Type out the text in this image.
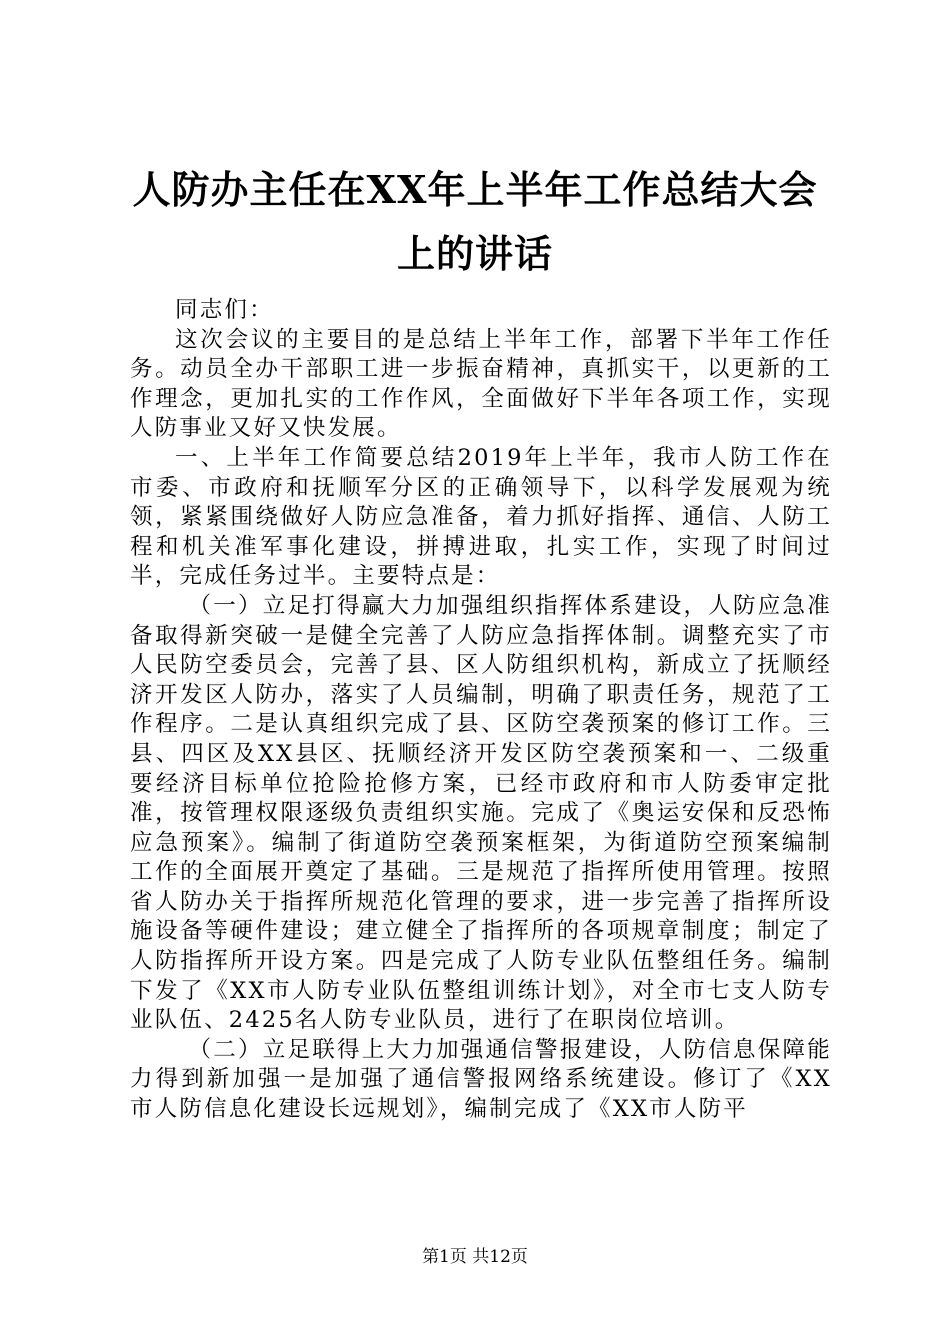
人防办主任在XX年上半年工作总结大会上的讲话

同志们：

这次会议的主要目的是总结上半年工作，部署下半年工作任务。动员全办干部职工进一步振奋精神，真抓实干，以更新的工作理念，更加扎实的工作作风，全面做好下半年各项工作，实现人防事业又好又快发展。

一、上半年工作简要总结2019年上半年，我市人防工作在市委、市政府和抚顺军分区的正确领导下，以科学发展观为统领，紧紧围绕做好人防应急准备，着力抓好指挥、通信、人防工程和机关准军事化建设，拼搏进取，扎实工作，实现了时间过半，完成任务过半。主要特点是：

（一）立足打得赢大力加强组织指挥体系建设，人防应急准备取得新突破一是健全完善了人防应急指挥体制。调整充实了市人民防空委员会，完善了县、区人防组织机构，新成立了抚顺经济开发区人防办，落实了人员编制，明确了职责任务，规范了工作程序。二是认真组织完成了县、区防空袭预案的修订工作。三县、四区及XX县区、抚顺经济开发区防空袭预案和一、二级重要经济目标单位抢险抢修方案，已经市政府和市人防委审定批准，按管理权限逐级负责组织实施。完成了《奥运安保和反恐怖应急预案》。编制了街道防空袭预案框架，为街道防空预案编制工作的全面展开奠定了基础。三是规范了指挥所使用管理。按照省人防办关于指挥所规范化管理的要求，进一步完善了指挥所设施设备等硬件建设；建立健全了指挥所的各项规章制度；制定了人防指挥所开设方案。四是完成了人防专业队伍整组任务。编制下发了《XX市人防专业队伍整组训练计划》，对全市七支人防专业队伍、2425名人防专业队员，进行了在职岗位培训。

（二）立足联得上大力加强通信警报建设，人防信息保障能力得到新加强一是加强了通信警报网络系统建设。修订了《XX市人防信息化建设长远规划》，编制完成了《XX市人防平

第1页 共12页
